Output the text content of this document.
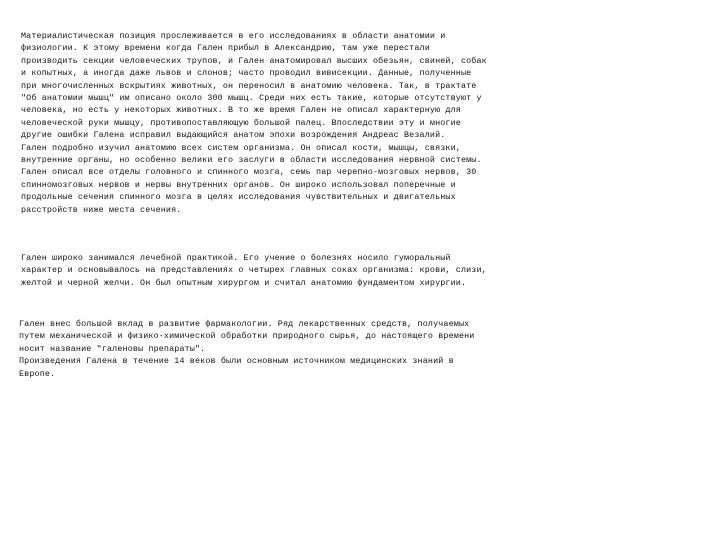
Материалистическая позиция прослеживается в его исследованиях в области анатомии и физиологии. К этому времени когда Гален прибыл в Александрию, там уже перестали производить секции человеческих трупов, и Гален анатомировал высших обезьян, свиней, собак и копытных, а иногда даже львов и слонов; часто проводил вивисекции. Данные, полученные при многочисленных вскрытиях животных, он переносил в анатомию человека. Так, в трактате "Об анатомии мышц" им описано около 300 мышц. Среди них есть такие, которые отсутствуют у человека, но есть у некоторых животных. В то же время Гален не описал характерную для человеческой руки мышцу, противопоставляющую большой палец. Впоследствии эту и многие другие ошибки Галена исправил выдающийся анатом эпохи возрождения Андреас Везалий.

Гален подробно изучил анатомию всех систем организма. Он описал кости, мышцы, связки, внутренние органы, но особенно велики его заслуги в области исследования нервной системы. Гален описал все отделы головного и спинного мозга, семь пар черепно-мозговых нервов, 30 спинномозговых нервов и нервы внутренних органов. Он широко использовал поперечные и продольные сечения спинного мозга в целях исследования чувствительных и двигательных расстройств ниже места сечения.

Гален широко занимался лечебной практикой. Его учение о болезнях носило гуморальный характер и основывалось на представлениях о четырех главных соках организма: крови, слизи, желтой и черной желчи. Он был опытным хирургом и считал анатомию фундаментом хирургии.

Гален внес большой вклад в развитие фармакологии. Ряд лекарственных средств, получаемых путем механической и физико-химической обработки природного сырья, до настоящего времени носит название "галеновы препараты".

Произведения Галена в течение 14 веков были основным источником медицинских знаний в Европе.
